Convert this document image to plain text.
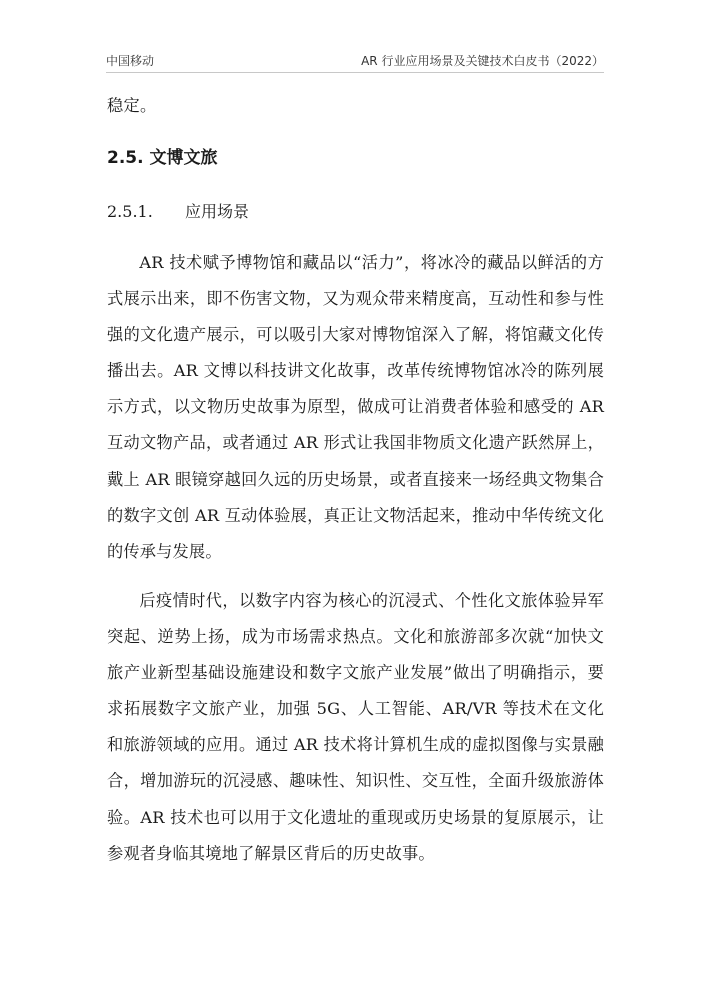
中国移动	AR 行业应用场景及关键技术白皮书（2022）
稳定。
2.5. 文博文旅
2.5.1. 应用场景

AR 技术赋予博物馆和藏品以“活力”，将冰冷的藏品以鲜活的方式展示出来，即不伤害文物，又为观众带来精度高，互动性和参与性强的文化遗产展示，可以吸引大家对博物馆深入了解，将馆藏文化传播出去。AR 文博以科技讲文化故事，改革传统博物馆冰冷的陈列展示方式，以文物历史故事为原型，做成可让消费者体验和感受的 AR 互动文物产品，或者通过 AR 形式让我国非物质文化遗产跃然屏上，戴上 AR 眼镜穿越回久远的历史场景，或者直接来一场经典文物集合的数字文创 AR 互动体验展，真正让文物活起来，推动中华传统文化的传承与发展。

后疫情时代，以数字内容为核心的沉浸式、个性化文旅体验异军突起、逆势上扬，成为市场需求热点。文化和旅游部多次就“加快文旅产业新型基础设施建设和数字文旅产业发展”做出了明确指示，要求拓展数字文旅产业，加强 5G、人工智能、AR/VR 等技术在文化和旅游领域的应用。通过 AR 技术将计算机生成的虚拟图像与实景融合，增加游玩的沉浸感、趣味性、知识性、交互性，全面升级旅游体验。AR 技术也可以用于文化遗址的重现或历史场景的复原展示，让参观者身临其境地了解景区背后的历史故事。
